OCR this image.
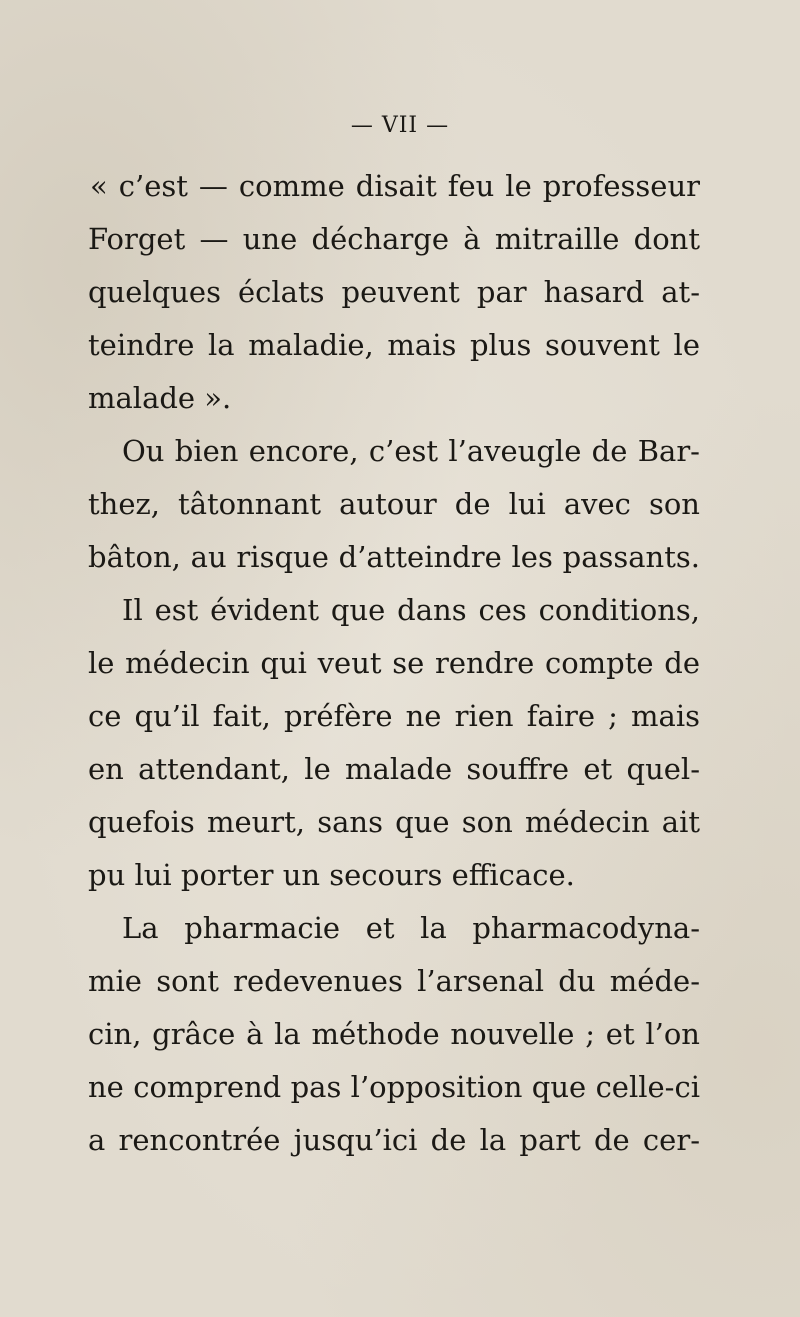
— VII —
« c’est — comme disait feu le professeur
Forget — une décharge à mitraille dont
quelques éclats peuvent par hasard at-
teindre la maladie, mais plus souvent le
malade ».
Ou bien encore, c’est l’aveugle de Bar-
thez, tâtonnant autour de lui avec son
bâton, au risque d’atteindre les passants.
Il est évident que dans ces conditions,
le médecin qui veut se rendre compte de
ce qu’il fait, préfère ne rien faire ; mais
en attendant, le malade souffre et quel-
quefois meurt, sans que son médecin ait
pu lui porter un secours efficace.
La pharmacie et la pharmacodyna-
mie sont redevenues l’arsenal du méde-
cin, grâce à la méthode nouvelle ; et l’on
ne comprend pas l’opposition que celle-ci
a rencontrée jusqu’ici de la part de cer-
